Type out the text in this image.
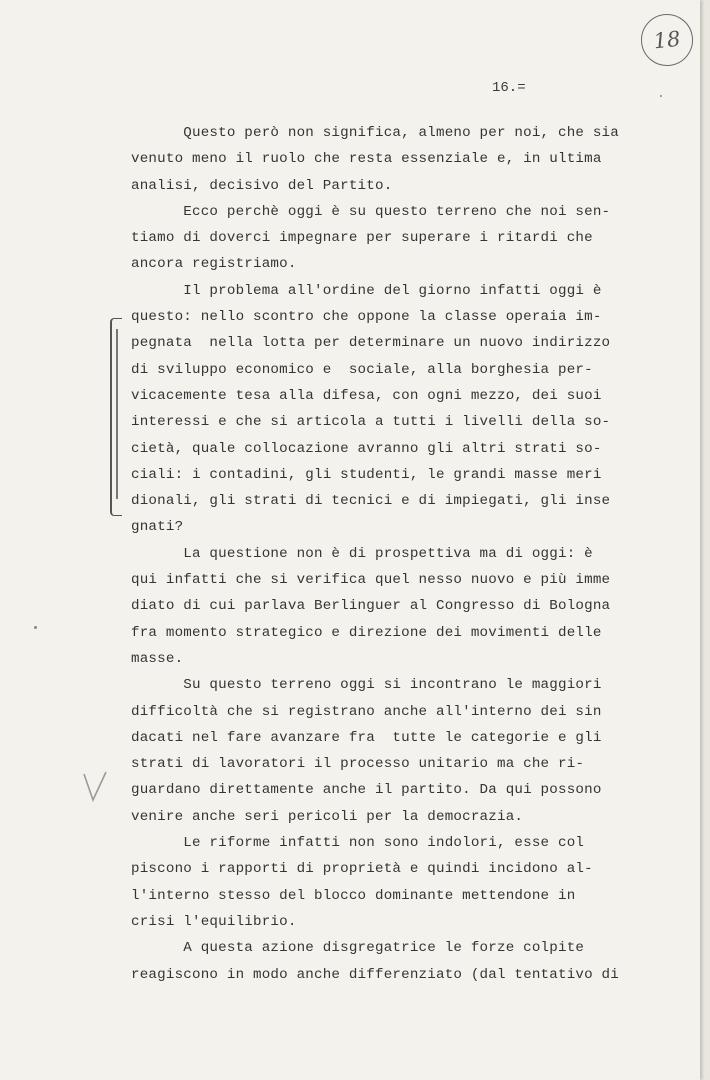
18
16.=
Questo però non significa, almeno per noi, che sia
venuto meno il ruolo che resta essenziale e, in ultima
analisi, decisivo del Partito.
Ecco perchè oggi è su questo terreno che noi sen-
tiamo di doverci impegnare per superare i ritardi che
ancora registriamo.
Il problema all'ordine del giorno infatti oggi è
questo: nello scontro che oppone la classe operaia im-
pegnata  nella lotta per determinare un nuovo indirizzo
di sviluppo economico e  sociale, alla borghesia per-
vicacemente tesa alla difesa, con ogni mezzo, dei suoi
interessi e che si articola a tutti i livelli della so-
cietà, quale collocazione avranno gli altri strati so-
ciali: i contadini, gli studenti, le grandi masse meri
dionali, gli strati di tecnici e di impiegati, gli inse
gnati?
La questione non è di prospettiva ma di oggi: è
qui infatti che si verifica quel nesso nuovo e più imme
diato di cui parlava Berlinguer al Congresso di Bologna
fra momento strategico e direzione dei movimenti delle
masse.
Su questo terreno oggi si incontrano le maggiori
difficoltà che si registrano anche all'interno dei sin
dacati nel fare avanzare fra  tutte le categorie e gli
strati di lavoratori il processo unitario ma che ri-
guardano direttamente anche il partito. Da qui possono
venire anche seri pericoli per la democrazia.
Le riforme infatti non sono indolori, esse col
piscono i rapporti di proprietà e quindi incidono al-
l'interno stesso del blocco dominante mettendone in
crisi l'equilibrio.
A questa azione disgregatrice le forze colpite
reagiscono in modo anche differenziato (dal tentativo di
